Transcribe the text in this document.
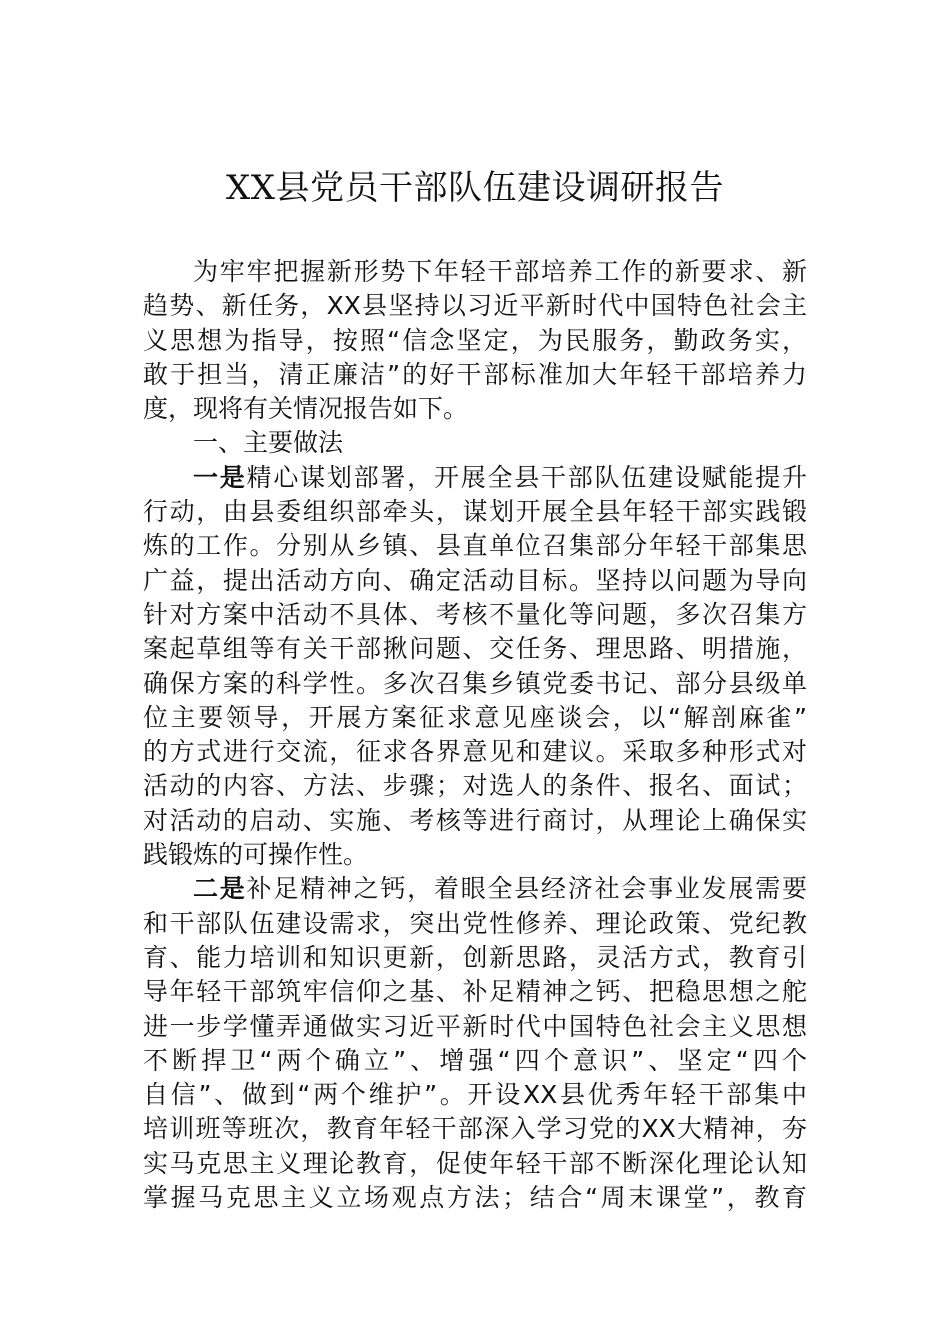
XX县党员干部队伍建设调研报告
为牢牢把握新形势下年轻干部培养工作的新要求、新
趋势、新任务，XX县坚持以习近平新时代中国特色社会主
义思想为指导，按照“信念坚定，为民服务，勤政务实，
敢于担当，清正廉洁”的好干部标准加大年轻干部培养力
度，现将有关情况报告如下。
一、主要做法
一是精心谋划部署，开展全县干部队伍建设赋能提升
行动，由县委组织部牵头，谋划开展全县年轻干部实践锻
炼的工作。分别从乡镇、县直单位召集部分年轻干部集思
广益，提出活动方向、确定活动目标。坚持以问题为导向
针对方案中活动不具体、考核不量化等问题，多次召集方
案起草组等有关干部揪问题、交任务、理思路、明措施，
确保方案的科学性。多次召集乡镇党委书记、部分县级单
位主要领导，开展方案征求意见座谈会，以“解剖麻雀”
的方式进行交流，征求各界意见和建议。采取多种形式对
活动的内容、方法、步骤；对选人的条件、报名、面试；
对活动的启动、实施、考核等进行商讨，从理论上确保实
践锻炼的可操作性。
二是补足精神之钙，着眼全县经济社会事业发展需要
和干部队伍建设需求，突出党性修养、理论政策、党纪教
育、能力培训和知识更新，创新思路，灵活方式，教育引
导年轻干部筑牢信仰之基、补足精神之钙、把稳思想之舵
进一步学懂弄通做实习近平新时代中国特色社会主义思想
不断捍卫“两个确立”、增强“四个意识”、坚定“四个
自信”、做到“两个维护”。开设XX县优秀年轻干部集中
培训班等班次，教育年轻干部深入学习党的XX大精神，夯
实马克思主义理论教育，促使年轻干部不断深化理论认知
掌握马克思主义立场观点方法；结合“周末课堂”，教育
